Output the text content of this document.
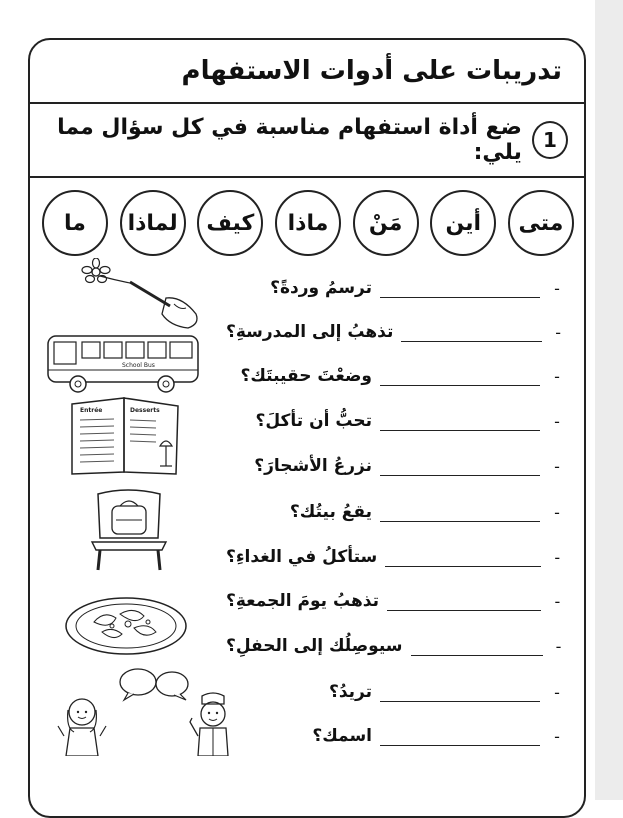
تدريبات على أدوات الاستفهام
1
ضع أداة استفهام مناسبة في كل سؤال مما يلي:
متى
أين
مَنْ
ماذا
كيف
لماذا
ما
-
ترسمُ وردةً؟
-
تذهبُ إلى المدرسةِ؟
-
وضعْتَ حقيبتَك؟
-
تحبُّ أن تأكلَ؟
-
نزرعُ الأشجارَ؟
-
يقعُ بيتُك؟
-
ستأكلُ في الغداءِ؟
-
تذهبُ يومَ الجمعةِ؟
-
سيوصِلُك إلى الحفلِ؟
-
تريدُ؟
-
اسمك؟
School Bus
Entrée	Desserts
